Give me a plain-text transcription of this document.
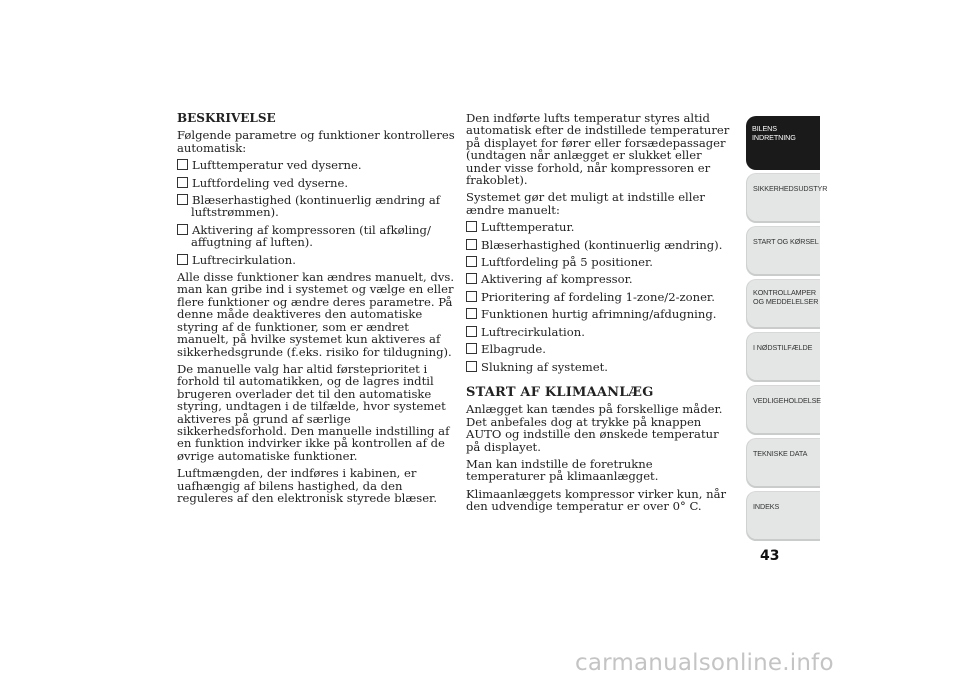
BESKRIVELSE

Følgende parametre og funktioner kontrolleres automatisk:

Lufttemperatur ved dyserne.
Luftfordeling ved dyserne.
Blæserhastighed (kontinuerlig ændring af luftstrømmen).
Aktivering af kompressoren (til afkøling/ affugtning af luften).
Luftrecirkulation.

Alle disse funktioner kan ændres manuelt, dvs. man kan gribe ind i systemet og vælge en eller flere funktioner og ændre deres parametre. På denne måde deaktiveres den automatiske styring af de funktioner, som er ændret manuelt, på hvilke systemet kun aktiveres af sikkerhedsgrunde (f.eks. risiko for tildugning).

De manuelle valg har altid førsteprioritet i forhold til automatikken, og de lagres indtil brugeren overlader det til den automatiske styring, undtagen i de tilfælde, hvor systemet aktiveres på grund af særlige sikkerhedsforhold. Den manuelle indstilling af en funktion indvirker ikke på kontrollen af de øvrige automatiske funktioner.

Luftmængden, der indføres i kabinen, er uafhængig af bilens hastighed, da den reguleres af den elektronisk styrede blæser.

Den indførte lufts temperatur styres altid automatisk efter de indstillede temperaturer på displayet for fører eller forsædepassager (undtagen når anlægget er slukket eller under visse forhold, når kompressoren er frakoblet).

Systemet gør det muligt at indstille eller ændre manuelt:

Lufttemperatur.
Blæserhastighed (kontinuerlig ændring).
Luftfordeling på 5 positioner.
Aktivering af kompressor.
Prioritering af fordeling 1-zone/2-zoner.
Funktionen hurtig afrimning/afdugning.
Luftrecirkulation.
Elbagrude.
Slukning af systemet.

START AF KLIMAANLÆG

Anlægget kan tændes på forskellige måder. Det anbefales dog at trykke på knappen AUTO og indstille den ønskede temperatur på displayet.

Man kan indstille de foretrukne temperaturer på klimaanlægget.

Klimaanlæggets kompressor virker kun, når den udvendige temperatur er over 0° C.

BILENS
INDRETNING
SIKKERHEDSUDSTYR
START OG KØRSEL
KONTROLLAMPER
OG MEDDELELSER
I NØDSTILFÆLDE
VEDLIGEHOLDELSE
TEKNISKE DATA
INDEKS
43
carmanualsonline.info
